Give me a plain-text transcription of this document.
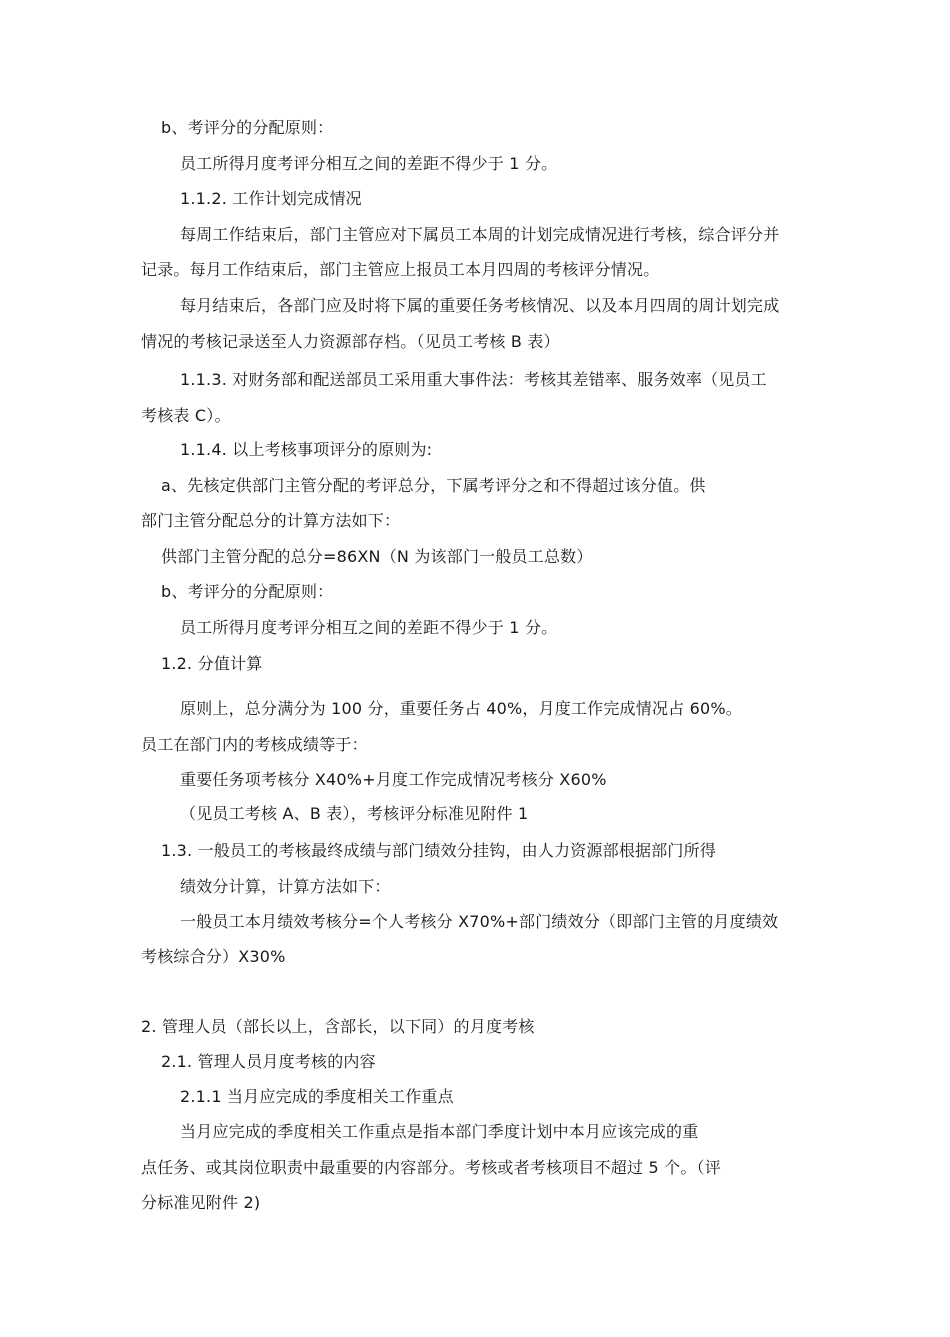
b、考评分的分配原则：
员工所得月度考评分相互之间的差距不得少于 1 分。
1.1.2. 工作计划完成情况
每周工作结束后，部门主管应对下属员工本周的计划完成情况进行考核，综合评分并
记录。每月工作结束后，部门主管应上报员工本月四周的考核评分情况。
每月结束后，各部门应及时将下属的重要任务考核情况、以及本月四周的周计划完成
情况的考核记录送至人力资源部存档。（见员工考核 B 表）
1.1.3. 对财务部和配送部员工采用重大事件法：考核其差错率、服务效率（见员工
考核表 C）。
1.1.4. 以上考核事项评分的原则为:
a、先核定供部门主管分配的考评总分，下属考评分之和不得超过该分值。供
部门主管分配总分的计算方法如下：
供部门主管分配的总分=86XN（N 为该部门一般员工总数）
b、考评分的分配原则：
员工所得月度考评分相互之间的差距不得少于 1 分。
1.2. 分值计算
原则上，总分满分为 100 分，重要任务占 40%，月度工作完成情况占 60%。
员工在部门内的考核成绩等于：
重要任务项考核分 X40%+月度工作完成情况考核分 X60%
（见员工考核 A、B 表），考核评分标准见附件 1
1.3. 一般员工的考核最终成绩与部门绩效分挂钩，由人力资源部根据部门所得
绩效分计算，计算方法如下：
一般员工本月绩效考核分=个人考核分 X70%+部门绩效分（即部门主管的月度绩效
考核综合分）X30%
2. 管理人员（部长以上，含部长，以下同）的月度考核
2.1. 管理人员月度考核的内容
2.1.1 当月应完成的季度相关工作重点
当月应完成的季度相关工作重点是指本部门季度计划中本月应该完成的重
点任务、或其岗位职责中最重要的内容部分。考核或者考核项目不超过 5 个。（评
分标准见附件 2)
